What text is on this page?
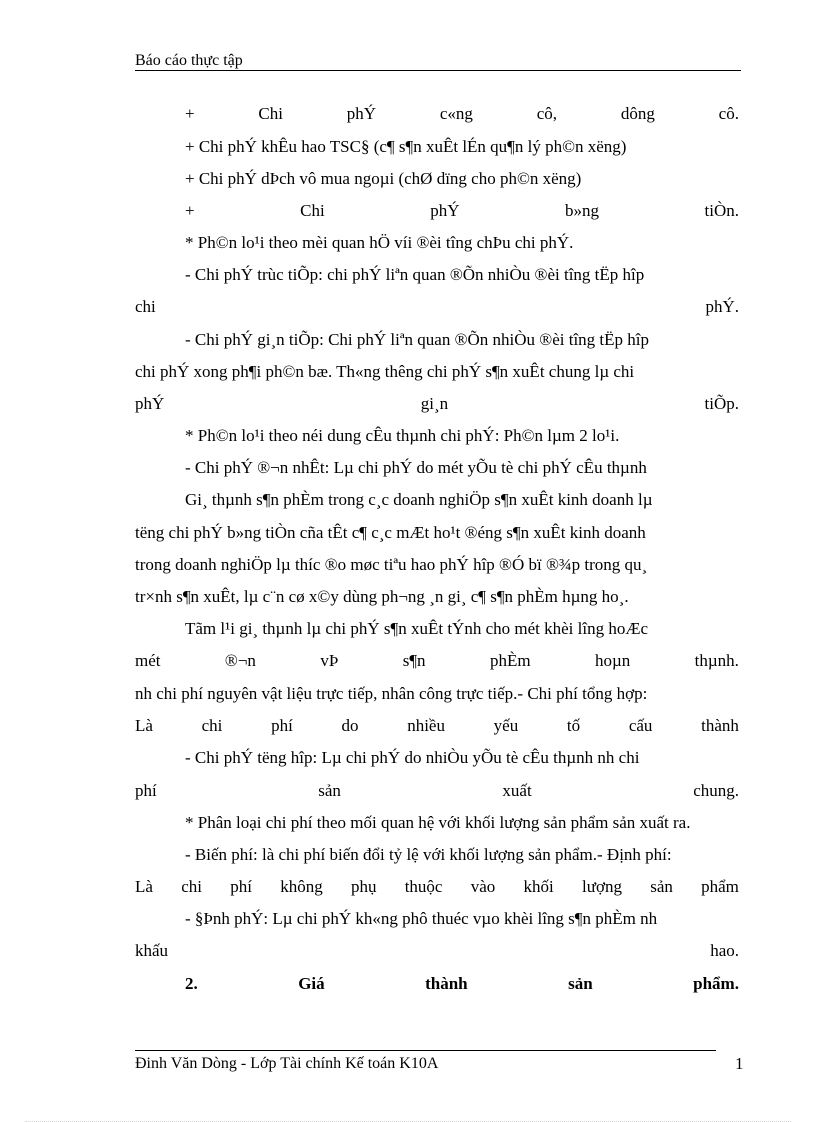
Báo cáo thực tập
+	Chi	phÝ	c«ng	cô,	dông	cô.
+ Chi phÝ khÊu hao TSC§ (c¶ s¶n xuÊt lÉn qu¶n lý ph©n xëng)
+ Chi phÝ dÞch vô mua ngoµi (chØ dïng cho ph©n xëng)
+	Chi	phÝ	b»ng	tiÒn.
* Ph©n lo¹i theo mèi quan hÖ víi ®èi tîng chÞu chi phÝ.
- Chi phÝ trùc tiÕp: chi phÝ liªn quan ®Õn nhiÒu ®èi tîng tËp hîp
chi	phÝ.
- Chi phÝ gi¸n tiÕp: Chi phÝ liªn quan ®Õn nhiÒu ®èi tîng tËp hîp
chi phÝ xong ph¶i ph©n bæ. Th«ng thêng chi phÝ s¶n xuÊt chung lµ chi
phÝ	gi¸n	tiÕp.
* Ph©n lo¹i theo néi dung cÊu thµnh chi phÝ: Ph©n lµm 2 lo¹i.
- Chi phÝ ®¬n nhÊt: Lµ chi phÝ do mét yÕu tè chi phÝ cÊu thµnh
Gi¸ thµnh s¶n phÈm trong c¸c doanh nghiÖp s¶n xuÊt kinh doanh lµ
tëng chi phÝ b»ng tiÒn cña tÊt c¶ c¸c mÆt ho¹t ®éng s¶n xuÊt kinh doanh
trong doanh nghiÖp lµ thíc ®o møc tiªu hao phÝ hîp ®Ó bï ®¾p trong qu¸
tr×nh s¶n xuÊt, lµ c¨n cø x©y dùng ph¬ng ¸n gi¸ c¶ s¶n phÈm hµng ho¸.
Tãm l¹i gi¸ thµnh lµ chi phÝ s¶n xuÊt tÝnh cho mét khèi lîng hoÆc
mét	®¬n	vÞ	s¶n	phÈm	hoµn	thµnh.
nh chi phí nguyên vật liệu trực tiếp, nhân công trực tiếp.- Chi phí tổng hợp:
Là	chi	phí	do	nhiều	yếu	tố	cấu	thành
- Chi phÝ tëng hîp: Lµ chi phÝ do nhiÒu yÕu tè cÊu thµnh nh chi
phí	sản	xuất	chung.
* Phân loại chi phí theo mối quan hệ với khối lượng sản phẩm sản xuất ra.
- Biến phí: là chi phí biến đổi tỷ lệ với khối lượng sản phẩm.- Định phí:
Là chi phí không phụ thuộc vào khối lượng sản phẩm
- §Þnh phÝ: Lµ chi phÝ kh«ng phô thuéc vµo khèi lîng s¶n phÈm nh
khấu	hao.
2.	Giá	thành	sản	phẩm.
Đinh Văn Dòng - Lớp Tài chính Kế toán K10A	1
